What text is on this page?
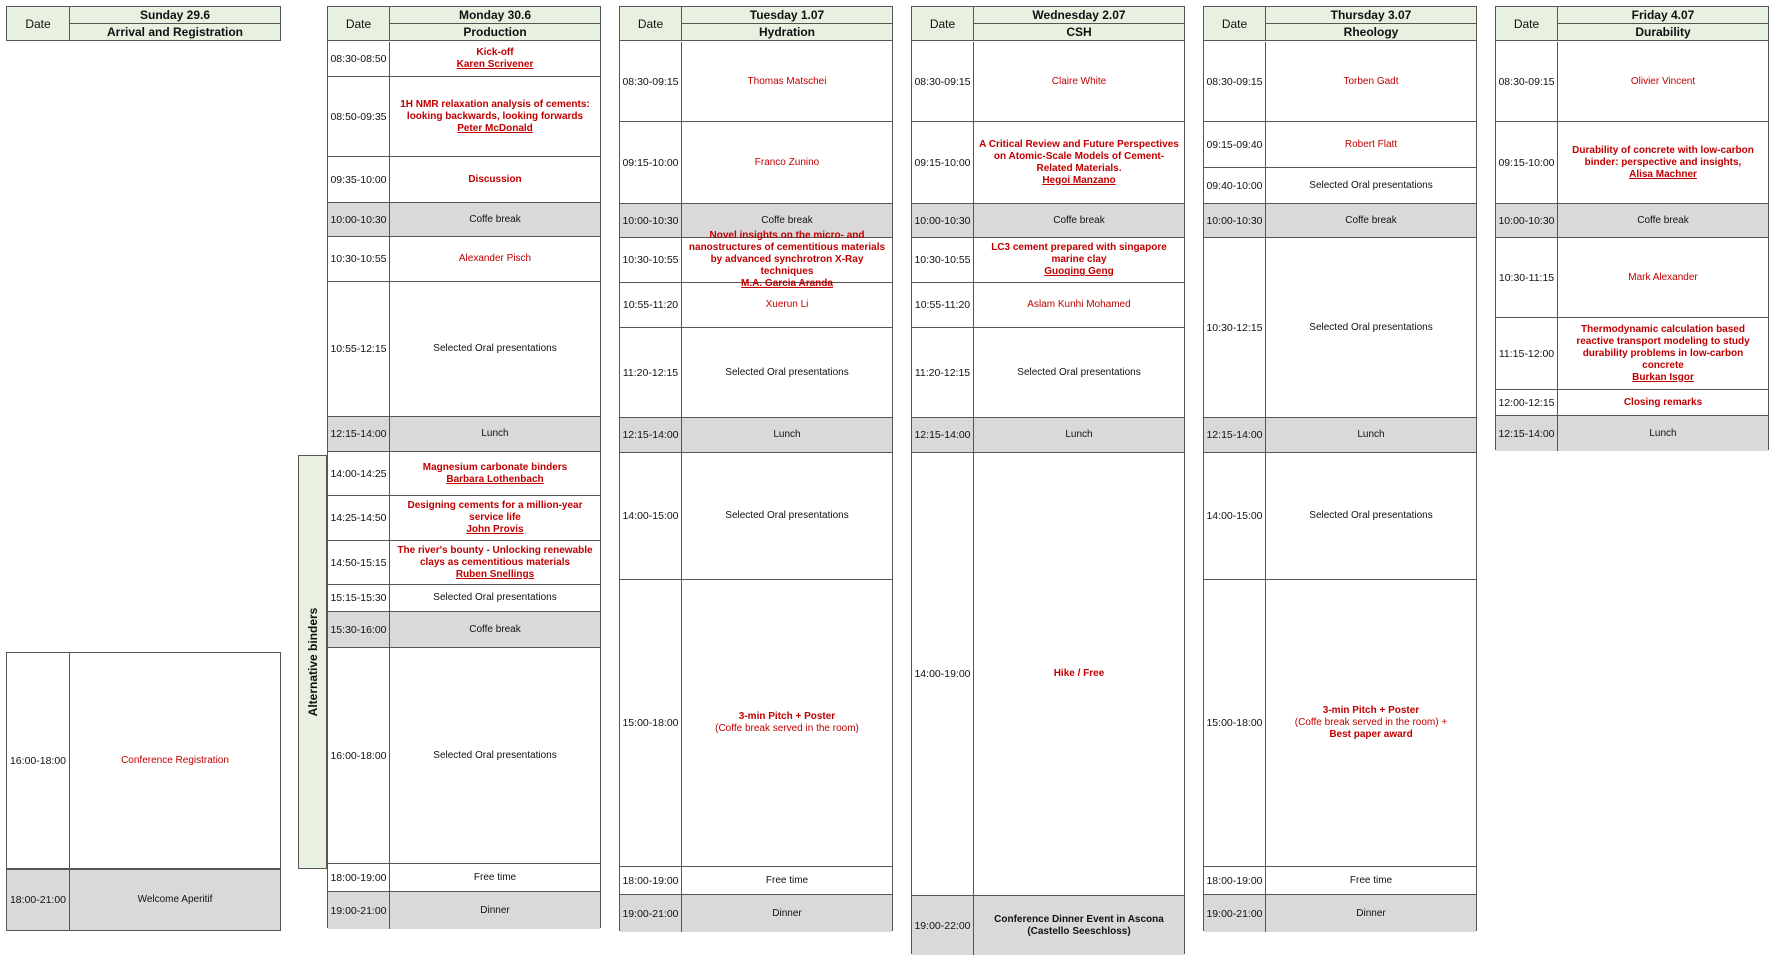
Date
Sunday 29.6
Arrival and Registration
16:00-18:00	Conference Registration
18:00-21:00	Welcome Aperitif
Alternative binders
Date
Monday 30.6
Production
08:30-08:50
Kick-off
Karen Scrivener
08:50-09:35
1H NMR relaxation analysis of cements: looking backwards, looking forwards
Peter McDonald
09:35-10:00	Discussion
10:00-10:30	Coffe break
10:30-10:55	Alexander Pisch
10:55-12:15	Selected Oral presentations
12:15-14:00	Lunch
14:00-14:25
Magnesium carbonate binders
Barbara Lothenbach
14:25-14:50
Designing cements for a million-year service life
John Provis
14:50-15:15
The river's bounty - Unlocking renewable clays as cementitious materials
Ruben Snellings
15:15-15:30	Selected Oral presentations
15:30-16:00	Coffe break
16:00-18:00	Selected Oral presentations
18:00-19:00	Free time
19:00-21:00	Dinner
Date
Tuesday 1.07
Hydration
08:30-09:15	Thomas Matschei
09:15-10:00	Franco Zunino
10:00-10:30	Coffe break
10:30-10:55
Novel insights on the micro- and nanostructures of cementitious materials by advanced synchrotron X-Ray techniques
M.A. Garcia Aranda
10:55-11:20	Xuerun Li
11:20-12:15	Selected Oral presentations
12:15-14:00	Lunch
14:00-15:00	Selected Oral presentations
15:00-18:00
3-min Pitch + Poster
(Coffe break served in the room)
18:00-19:00	Free time
19:00-21:00	Dinner
Date
Wednesday 2.07
CSH
08:30-09:15	Claire White
09:15-10:00
A Critical Review and Future Perspectives on Atomic-Scale Models of Cement-Related Materials.
Hegoi Manzano
10:00-10:30	Coffe break
10:30-10:55
LC3 cement prepared with singapore marine clay
Guoqing Geng
10:55-11:20	Aslam Kunhi Mohamed
11:20-12:15	Selected Oral presentations
12:15-14:00	Lunch
14:00-19:00	Hike / Free
19:00-22:00
Conference Dinner Event in Ascona
(Castello Seeschloss)
Date
Thursday 3.07
Rheology
08:30-09:15	Torben Gadt
09:15-09:40	Robert Flatt
09:40-10:00	Selected Oral presentations
10:00-10:30	Coffe break
10:30-12:15	Selected Oral presentations
12:15-14:00	Lunch
14:00-15:00	Selected Oral presentations
15:00-18:00
3-min Pitch + Poster
(Coffe break served in the room) +
Best paper award
18:00-19:00	Free time
19:00-21:00	Dinner
Date
Friday 4.07
Durability
08:30-09:15	Olivier Vincent
09:15-10:00
Durability of concrete with low-carbon binder: perspective and insights,
Alisa Machner
10:00-10:30	Coffe break
10:30-11:15	Mark Alexander
11:15-12:00
Thermodynamic calculation based reactive transport modeling to study durability problems in low-carbon concrete
Burkan Isgor
12:00-12:15	Closing remarks
12:15-14:00	Lunch
